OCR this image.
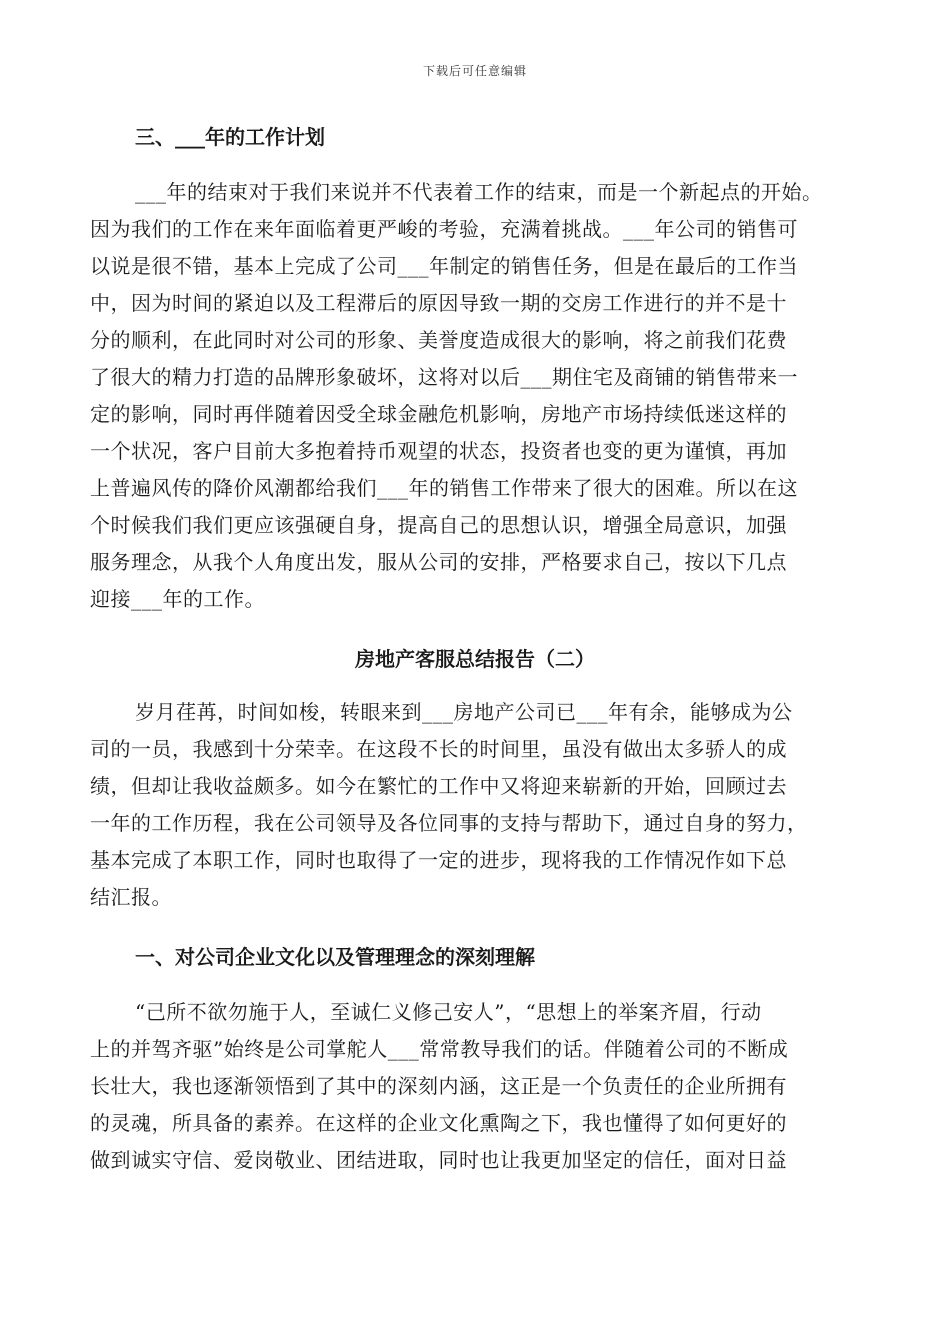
下载后可任意编辑

三、___年的工作计划

___年的结束对于我们来说并不代表着工作的结束，而是一个新起点的开始。
因为我们的工作在来年面临着更严峻的考验，充满着挑战。___年公司的销售可
以说是很不错，基本上完成了公司___年制定的销售任务，但是在最后的工作当
中，因为时间的紧迫以及工程滞后的原因导致一期的交房工作进行的并不是十
分的顺利，在此同时对公司的形象、美誉度造成很大的影响，将之前我们花费
了很大的精力打造的品牌形象破坏，这将对以后___期住宅及商铺的销售带来一
定的影响，同时再伴随着因受全球金融危机影响，房地产市场持续低迷这样的
一个状况，客户目前大多抱着持币观望的状态，投资者也变的更为谨慎，再加
上普遍风传的降价风潮都给我们___年的销售工作带来了很大的困难。所以在这
个时候我们我们更应该强硬自身，提高自己的思想认识，增强全局意识，加强
服务理念，从我个人角度出发，服从公司的安排，严格要求自己，按以下几点
迎接___年的工作。

房地产客服总结报告（二）

岁月荏苒，时间如梭，转眼来到___房地产公司已___年有余，能够成为公
司的一员，我感到十分荣幸。在这段不长的时间里，虽没有做出太多骄人的成
绩，但却让我收益颇多。如今在繁忙的工作中又将迎来崭新的开始，回顾过去
一年的工作历程，我在公司领导及各位同事的支持与帮助下，通过自身的努力，
基本完成了本职工作，同时也取得了一定的进步，现将我的工作情况作如下总
结汇报。

一、对公司企业文化以及管理理念的深刻理解

“己所不欲勿施于人，至诚仁义修己安人”，“思想上的举案齐眉，行动
上的并驾齐驱”始终是公司掌舵人___常常教导我们的话。伴随着公司的不断成
长壮大，我也逐渐领悟到了其中的深刻内涵，这正是一个负责任的企业所拥有
的灵魂，所具备的素养。在这样的企业文化熏陶之下，我也懂得了如何更好的
做到诚实守信、爱岗敬业、团结进取，同时也让我更加坚定的信任，面对日益
